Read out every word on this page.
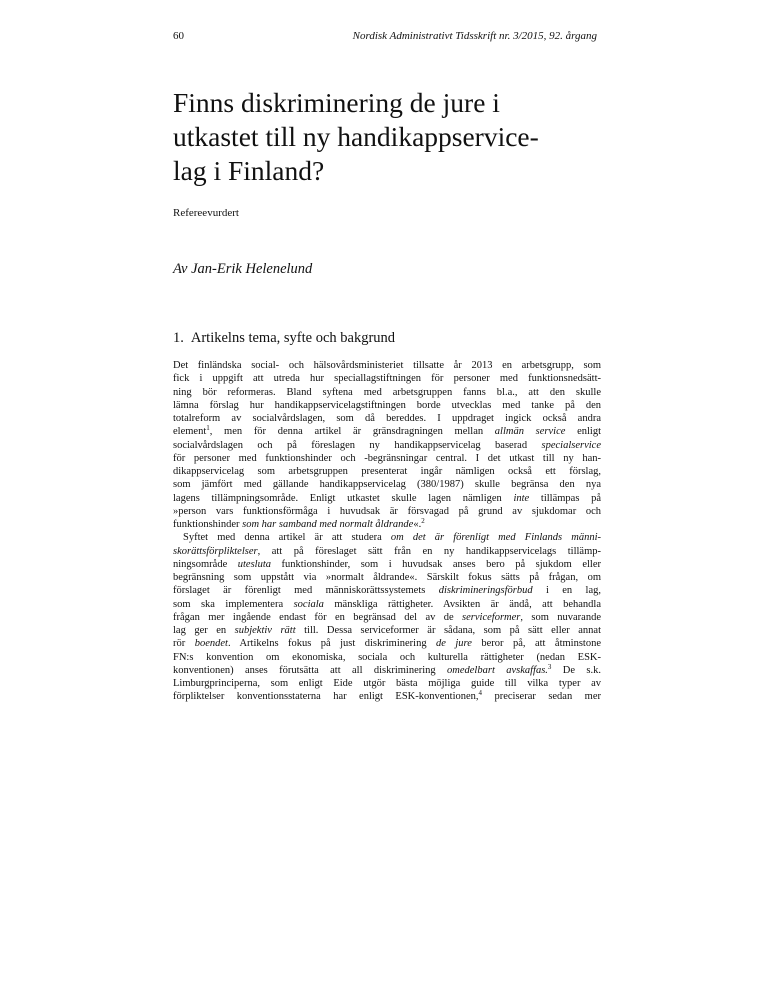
60	Nordisk Administrativt Tidsskrift nr. 3/2015, 92. årgang
Finns diskriminering de jure i
utkastet till ny handikappservice-
lag i Finland?
Refereevurdert
Av Jan-Erik Helenelund
1. Artikelns tema, syfte och bakgrund

Det finländska social- och hälsovårdsministeriet tillsatte år 2013 en arbetsgrupp, som

fick i uppgift att utreda hur speciallagstiftningen för personer med funktionsnedsätt-

ning bör reformeras. Bland syftena med arbetsgruppen fanns bl.a., att den skulle

lämna förslag hur handikappservicelagstiftningen borde utvecklas med tanke på den

totalreform av socialvårdslagen, som då bereddes. I uppdraget ingick också andra

element$^1$, men för denna artikel är gränsdragningen mellan allmän service enligt

socialvårdslagen och på föreslagen ny handikappservicelag baserad specialservice

för personer med funktionshinder och -begränsningar central. I det utkast till ny han-

dikappservicelag som arbetsgruppen presenterat ingår nämligen också ett förslag,

som jämfört med gällande handikappservicelag (380/1987) skulle begränsa den nya

lagens tillämpningsområde. Enligt utkastet skulle lagen nämligen inte tillämpas på

»person vars funktionsförmåga i huvudsak är försvagad på grund av sjukdomar och

funktionshinder som har samband med normalt åldrande«.$^2$

Syftet med denna artikel är att studera om det är förenligt med Finlands männi-

skorättsförpliktelser, att på föreslaget sätt från en ny handikappservicelags tillämp-

ningsområde utesluta funktionshinder, som i huvudsak anses bero på sjukdom eller

begränsning som uppstått via »normalt åldrande«. Särskilt fokus sätts på frågan, om

förslaget är förenligt med människorättssystemets diskrimineringsförbud i en lag,

som ska implementera sociala mänskliga rättigheter. Avsikten är ändå, att behandla

frågan mer ingående endast för en begränsad del av de serviceformer, som nuvarande

lag ger en subjektiv rätt till. Dessa serviceformer är sådana, som på sätt eller annat

rör boendet. Artikelns fokus på just diskriminering de jure beror på, att åtminstone

FN:s konvention om ekonomiska, sociala och kulturella rättigheter (nedan ESK-

konventionen) anses förutsätta att all diskriminering omedelbart avskaffas.$^3$ De s.k.

Limburgprinciperna, som enligt Eide utgör bästa möjliga guide till vilka typer av

förpliktelser konventionsstaterna har enligt ESK-konventionen,$^4$ preciserar sedan mer
